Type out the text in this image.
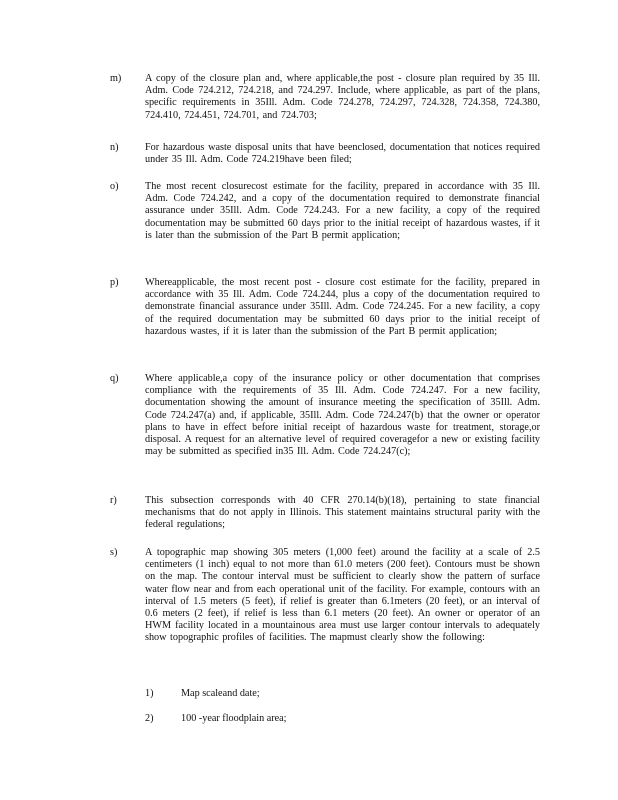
m) A copy of the closure plan and, where applicable,the post - closure plan required by 35 Ill. Adm. Code 724.212, 724.218, and 724.297. Include, where applicable, as part of the plans, specific requirements in 35Ill. Adm. Code 724.278, 724.297, 724.328, 724.358, 724.380, 724.410, 724.451, 724.701, and 724.703;
n)	For hazardous waste disposal units that have beenclosed, documentation that notices required under 35 Ill. Adm. Code 724.219have been filed;
o)	The most recent closurecost estimate for the facility, prepared in accordance with 35 Ill. Adm. Code 724.242, and a copy of the documentation required to demonstrate financial assurance under 35Ill. Adm. Code 724.243. For a new facility, a copy of the required documentation may be submitted 60 days prior to the initial receipt of hazardous wastes, if it is later than the submission of the Part B permit application;
p)	Whereapplicable, the most recent post - closure cost estimate for the facility, prepared in accordance with 35 Ill. Adm. Code 724.244, plus a copy of the documentation required to demonstrate financial assurance under 35Ill. Adm. Code 724.245. For a new facility, a copy of the required documentation may be submitted 60 days prior to the initial receipt of hazardous wastes, if it is later than the submission of the Part B permit application;
q)	Where applicable,a copy of the insurance policy or other documentation that comprises compliance with the requirements of 35 Ill. Adm. Code 724.247. For a new facility, documentation showing the amount of insurance meeting the specification of 35Ill. Adm. Code 724.247(a) and, if applicable, 35Ill. Adm. Code 724.247(b) that the owner or operator plans to have in effect before initial receipt of hazardous waste for treatment, storage,or disposal. A request for an alternative level of required coveragefor a new or existing facility may be submitted as specified in35 Ill. Adm. Code 724.247(c);
r)	This subsection corresponds with 40 CFR 270.14(b)(18), pertaining to state financial mechanisms that do not apply in Illinois. This statement maintains structural parity with the federal regulations;
s)	A topographic map showing 305 meters (1,000 feet) around the facility at a scale of 2.5 centimeters (1 inch) equal to not more than 61.0 meters (200 feet). Contours must be shown on the map. The contour interval must be sufficient to clearly show the pattern of surface water flow near and from each operational unit of the facility. For example, contours with an interval of 1.5 meters (5 feet), if relief is greater than 6.1meters (20 feet), or an interval of 0.6 meters (2 feet), if relief is less than 6.1 meters (20 feet). An owner or operator of an HWM facility located in a mountainous area must use larger contour intervals to adequately show topographic profiles of facilities. The mapmust clearly show the following:
1)	Map scaleand date;
2)	100 -year floodplain area;
